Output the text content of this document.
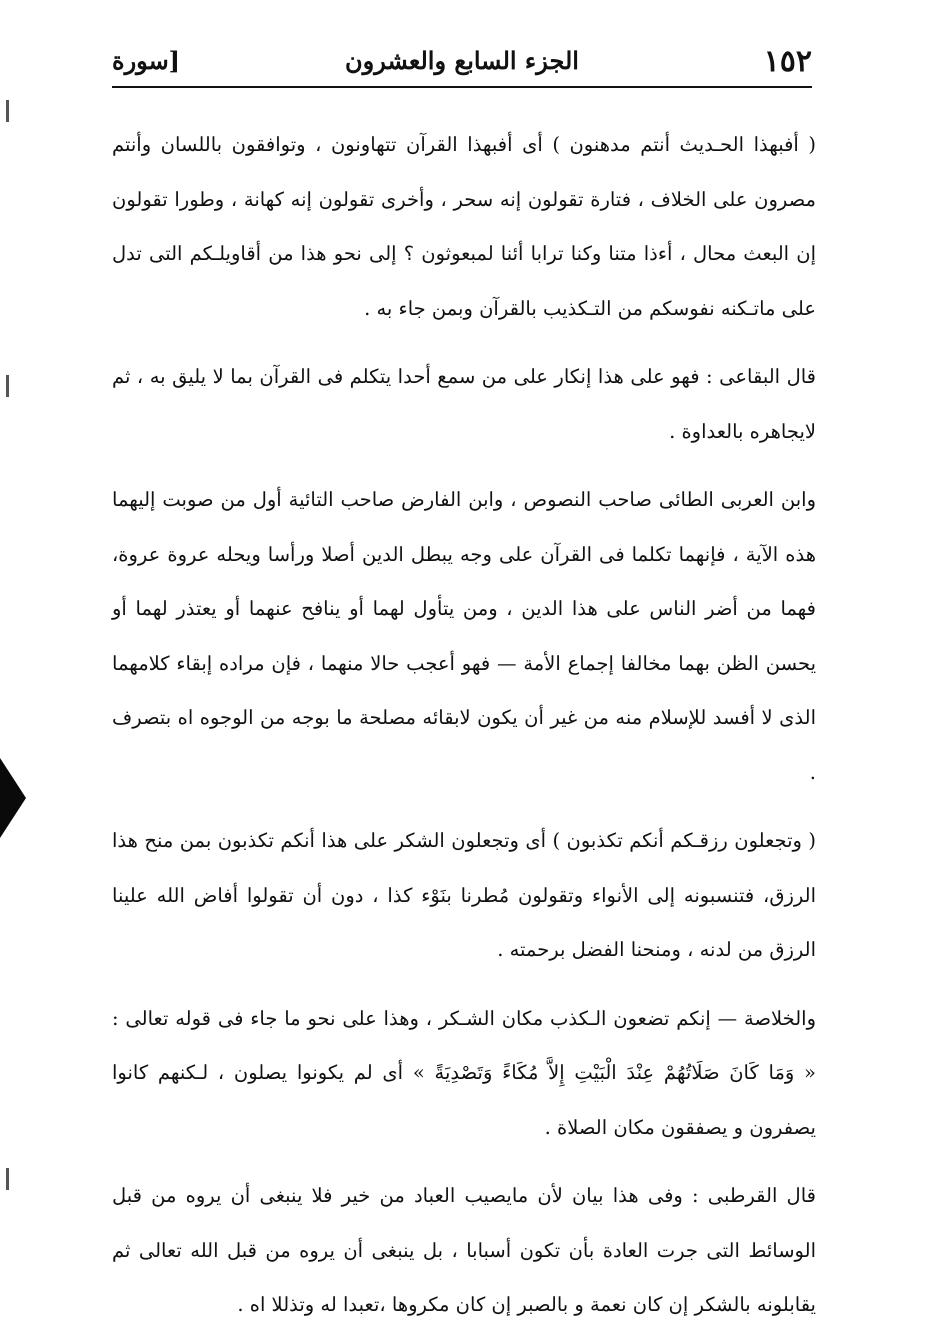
١٥٢
الجزء السابع والعشرون
[سورة

( أفبهذا الحـديث أنتم مدهنون ) أى أفبهذا القرآن تتهاونون ، وتوافقون باللسان وأنتم مصرون على الخلاف ، فتارة تقولون إنه سحر ، وأخرى تقولون إنه كهانة ، وطورا تقولون إن البعث محال ، أءذا متنا وكنا ترابا أئنا لمبعوثون ؟ إلى نحو هذا من أقاويلـكم التى تدل على ماتـكنه نفوسكم من التـكذيب بالقرآن وبمن جاء به .

قال البقاعى : فهو على هذا إنكار على من سمع أحدا يتكلم فى القرآن بما لا يليق به ، ثم لايجاهره بالعداوة .

وابن العربى الطائى صاحب النصوص ، وابن الفارض صاحب التائية أول من صوبت إليهما هذه الآية ، فإنهما تكلما فى القرآن على وجه يبطل الدين أصلا ورأسا ويحله عروة عروة، فهما من أضر الناس على هذا الدين ، ومن يتأول لهما أو ينافح عنهما أو يعتذر لهما أو يحسن الظن بهما مخالفا إجماع الأمة — فهو أعجب حالا منهما ، فإن مراده إبقاء كلامهما الذى لا أفسد للإسلام منه من غير أن يكون لابقائه مصلحة ما بوجه من الوجوه اه بتصرف .

( وتجعلون رزقـكم أنكم تكذبون ) أى وتجعلون الشكر على هذا أنكم تكذبون بمن منح هذا الرزق، فتنسبونه إلى الأنواء وتقولون مُطرنا بنَوْء كذا ، دون أن تقولوا أفاض الله علينا الرزق من لدنه ، ومنحنا الفضل برحمته .

والخلاصة — إنكم تضعون الـكذب مكان الشـكر ، وهذا على نحو ما جاء فى قوله تعالى : « وَمَا كَانَ صَلَاتُهُمْ عِنْدَ الْبَيْتِ إِلاَّ مُكَاءً وَتَصْدِيَةً » أى لم يكونوا يصلون ، لـكنهم كانوا يصفرون و يصفقون مكان الصلاة .

قال القرطبى : وفى هذا بيان لأن مايصيب العباد من خير فلا ينبغى أن يروه من قبل الوسائط التى جرت العادة بأن تكون أسبابا ، بل ينبغى أن يروه من قبل الله تعالى ثم يقابلونه بالشكر إن كان نعمة و بالصبر إن كان مكروها ،تعبدا له وتذللا اه .
